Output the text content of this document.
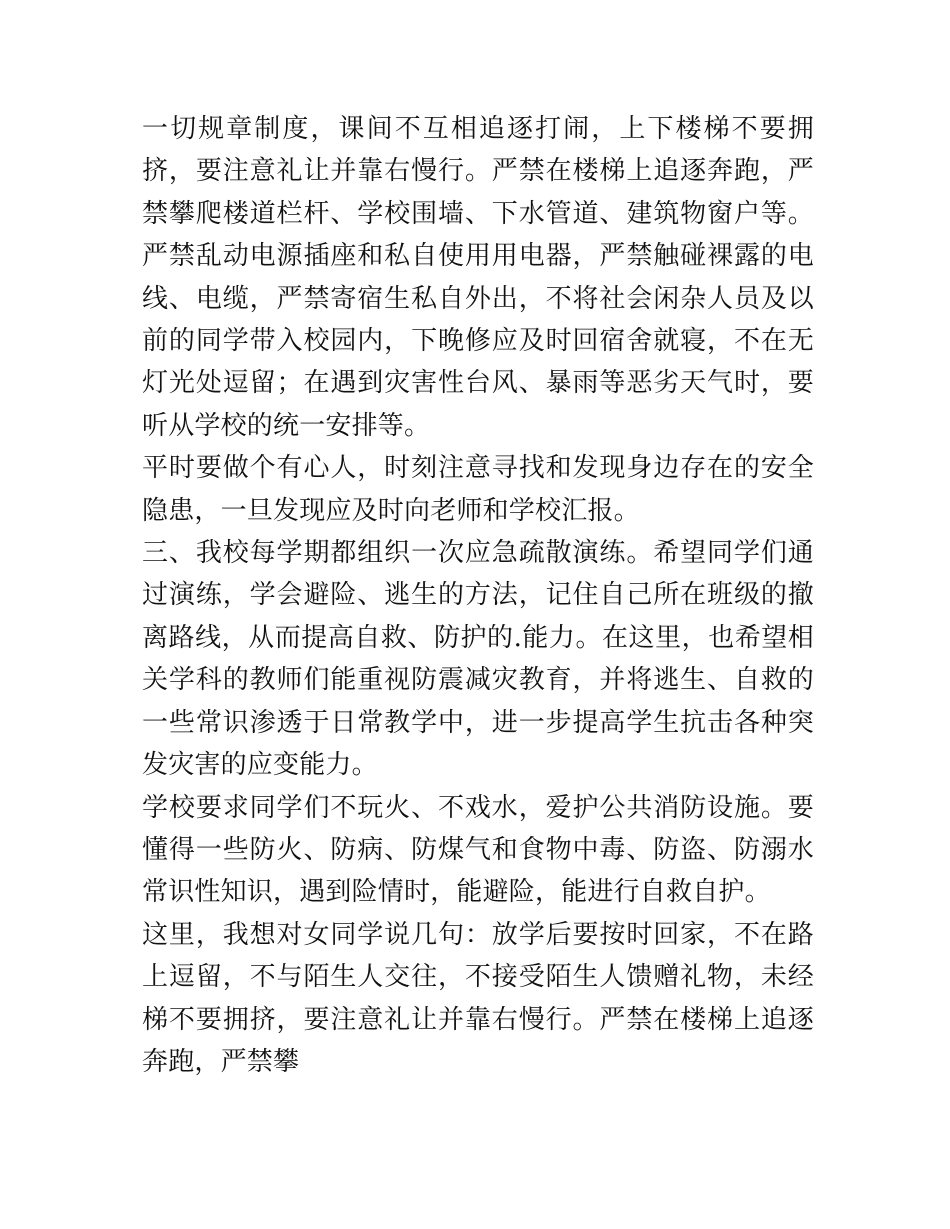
一切规章制度，课间不互相追逐打闹，上下楼梯不要拥挤，要注意礼让并靠右慢行。严禁在楼梯上追逐奔跑，严禁攀爬楼道栏杆、学校围墙、下水管道、建筑物窗户等。严禁乱动电源插座和私自使用用电器，严禁触碰裸露的电线、电缆，严禁寄宿生私自外出，不将社会闲杂人员及以前的同学带入校园内，下晚修应及时回宿舍就寝，不在无灯光处逗留；在遇到灾害性台风、暴雨等恶劣天气时，要听从学校的统一安排等。

平时要做个有心人，时刻注意寻找和发现身边存在的安全隐患，一旦发现应及时向老师和学校汇报。

三、我校每学期都组织一次应急疏散演练。希望同学们通过演练，学会避险、逃生的方法，记住自己所在班级的撤离路线，从而提高自救、防护的.能力。在这里，也希望相关学科的教师们能重视防震减灾教育，并将逃生、自救的一些常识渗透于日常教学中，进一步提高学生抗击各种突发灾害的应变能力。

学校要求同学们不玩火、不戏水，爱护公共消防设施。要懂得一些防火、防病、防煤气和食物中毒、防盗、防溺水常识性知识，遇到险情时，能避险，能进行自救自护。

这里，我想对女同学说几句：放学后要按时回家，不在路上逗留，不与陌生人交往，不接受陌生人馈赠礼物，未经梯不要拥挤，要注意礼让并靠右慢行。严禁在楼梯上追逐奔跑，严禁攀
